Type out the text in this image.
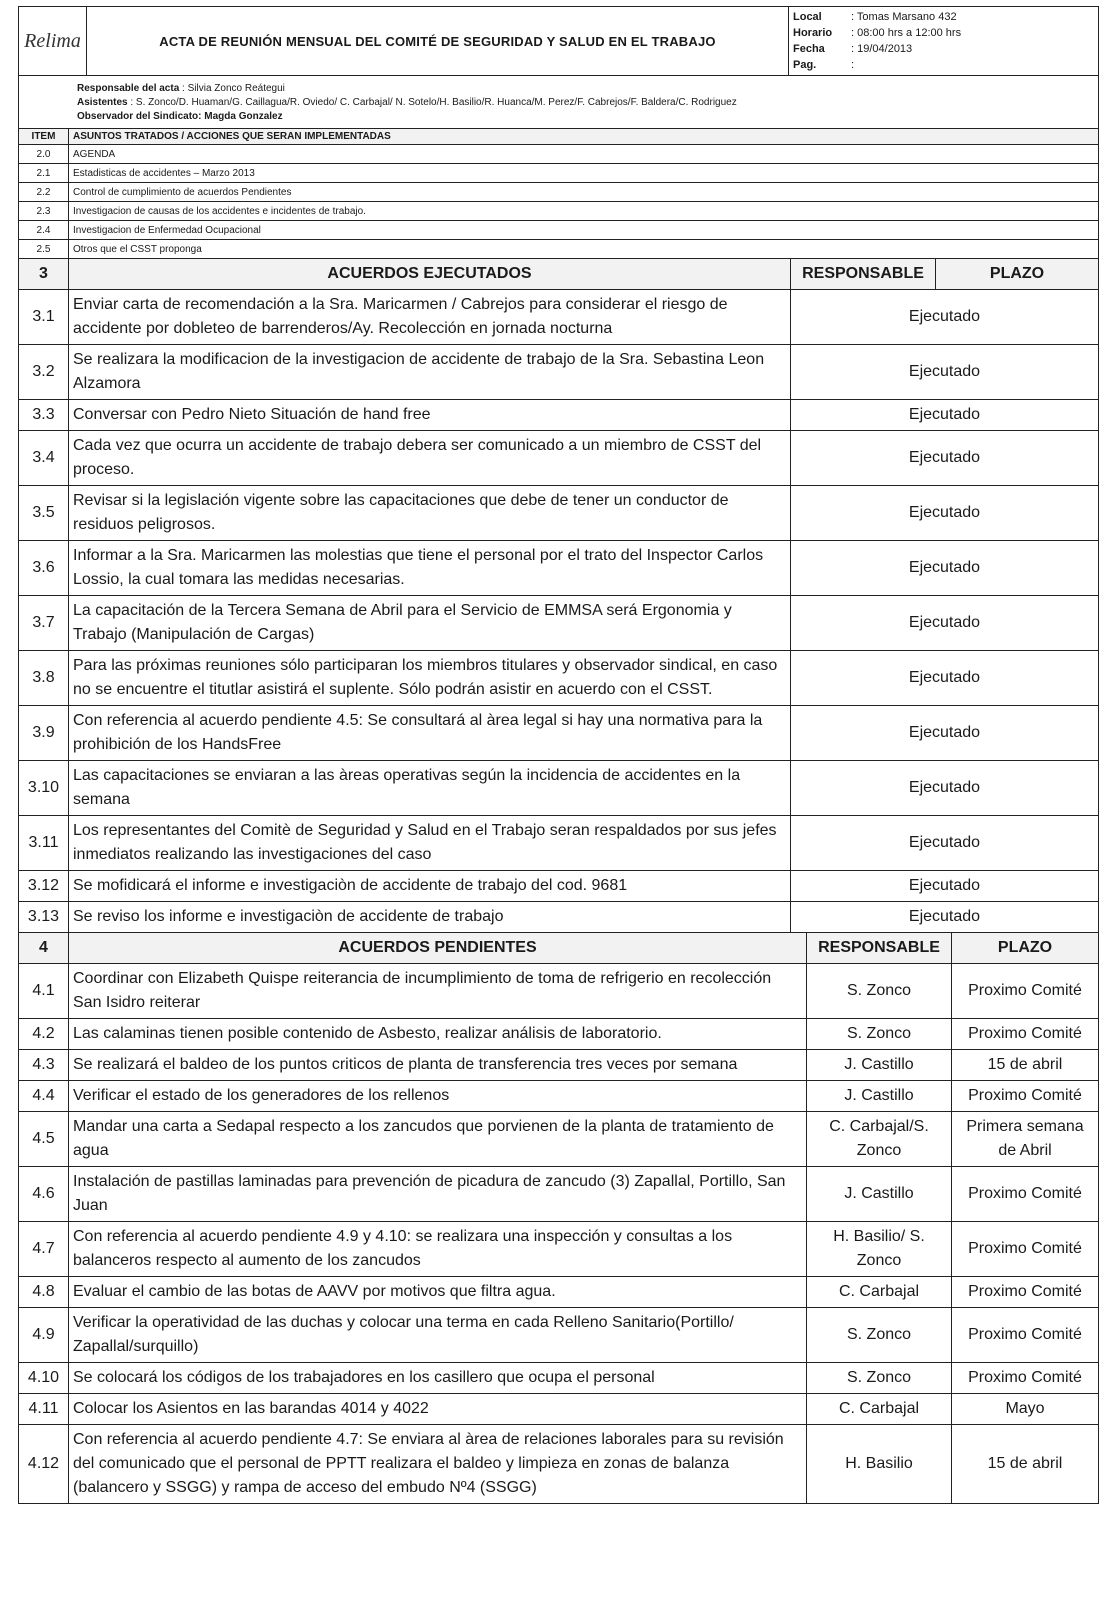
Relima	ACTA DE REUNIÓN MENSUAL DEL COMITÉ DE SEGURIDAD Y SALUD EN EL TRABAJO	
Local	: Tomas Marsano 432
Horario : 08:00 hrs a 12:00 hrs
Fecha : 19/04/2013
Pag.	:

Responsable del acta : Silvia Zonco Reátegui
Asistentes : S. Zonco/D. Huaman/G. Caillagua/R. Oviedo/ C. Carbajal/ N. Sotelo/H. Basilio/R. Huanca/M. Perez/F. Cabrejos/F. Baldera/C. Rodriguez
Observador del Sindicato: Magda Gonzalez
ITEM	ASUNTOS TRATADOS / ACCIONES QUE SERAN IMPLEMENTADAS
2.0	AGENDA
2.1	Estadisticas de accidentes – Marzo 2013
2.2	Control de cumplimiento de acuerdos Pendientes
2.3	Investigacion de causas de los accidentes e incidentes de trabajo.
2.4	Investigacion de Enfermedad Ocupacional
2.5	Otros que el CSST proponga
3	ACUERDOS EJECUTADOS	RESPONSABLE	PLAZO
3.1	Enviar carta de recomendación a la Sra. Maricarmen / Cabrejos para considerar el riesgo de accidente por dobleteo de barrenderos/Ay. Recolección en jornada nocturna	Ejecutado	
3.2	Se realizara la modificacion de la investigacion de accidente de trabajo de la Sra. Sebastina Leon Alzamora	Ejecutado	
3.3	Conversar con Pedro Nieto Situación de hand free	Ejecutado	
3.4	Cada vez que ocurra un accidente de trabajo debera ser comunicado a un miembro de CSST del proceso.	Ejecutado	
3.5	Revisar si la legislación vigente sobre las capacitaciones que debe de tener un conductor de residuos peligrosos.	Ejecutado	
3.6	Informar a la Sra. Maricarmen las molestias que tiene el personal por el trato del Inspector Carlos Lossio, la cual tomara las medidas necesarias.	Ejecutado	
3.7	La capacitación de la Tercera Semana de Abril para el Servicio de EMMSA será Ergonomia y Trabajo (Manipulación de Cargas)	Ejecutado	
3.8	Para las próximas reuniones sólo participaran los miembros titulares y observador sindical, en caso no se encuentre el titutlar asistirá el suplente. Sólo podrán asistir en acuerdo con el CSST.	Ejecutado	
3.9	Con referencia al acuerdo pendiente 4.5: Se consultará al àrea legal si hay una normativa para la prohibición de los HandsFree	Ejecutado	
3.10	Las capacitaciones se enviaran a las àreas operativas según la incidencia de accidentes en la semana	Ejecutado	
3.11	Los representantes del Comitè de Seguridad y Salud en el Trabajo seran respaldados por sus jefes inmediatos realizando las investigaciones del caso	Ejecutado	
3.12	Se mofidicará el informe e investigaciòn de accidente de trabajo del cod. 9681	Ejecutado	
3.13	Se reviso los informe e investigaciòn de accidente de trabajo	Ejecutado	
4	ACUERDOS PENDIENTES	RESPONSABLE	PLAZO
4.1	Coordinar con Elizabeth Quispe reiterancia de incumplimiento de toma de refrigerio en recolección San Isidro reiterar	S. Zonco	Proximo Comité
4.2	Las calaminas tienen posible contenido de Asbesto, realizar análisis de laboratorio.	S. Zonco	Proximo Comité
4.3	Se realizará el baldeo de los puntos criticos de planta de transferencia tres veces por semana	J. Castillo	15 de abril
4.4	Verificar el estado de los generadores de los rellenos	J. Castillo	Proximo Comité
4.5	Mandar una carta a Sedapal respecto a los zancudos que porvienen de la planta de tratamiento de agua	C. Carbajal/S. Zonco	Primera semana de Abril
4.6	Instalación de pastillas laminadas para prevención de picadura de zancudo (3) Zapallal, Portillo, San Juan	J. Castillo	Proximo Comité
4.7	Con referencia al acuerdo pendiente 4.9 y 4.10: se realizara una inspección y consultas a los balanceros respecto al aumento de los zancudos	H. Basilio/ S. Zonco	Proximo Comité
4.8	Evaluar el cambio de las botas de AAVV por motivos que filtra agua.	C. Carbajal	Proximo Comité
4.9	Verificar la operatividad de las duchas y colocar una terma en cada Relleno Sanitario(Portillo/ Zapallal/surquillo)	S. Zonco	Proximo Comité
4.10	Se colocará los códigos de los trabajadores en los casillero que ocupa el personal	S. Zonco	Proximo Comité
4.11	Colocar los Asientos en las barandas 4014 y 4022	C. Carbajal	Mayo
4.12	Con referencia al acuerdo pendiente 4.7: Se enviara al àrea de relaciones laborales para su revisión del comunicado que el personal de PPTT realizara el baldeo y limpieza en zonas de balanza (balancero y SSGG) y rampa de acceso del embudo Nº4 (SSGG)	H. Basilio	15 de abril
